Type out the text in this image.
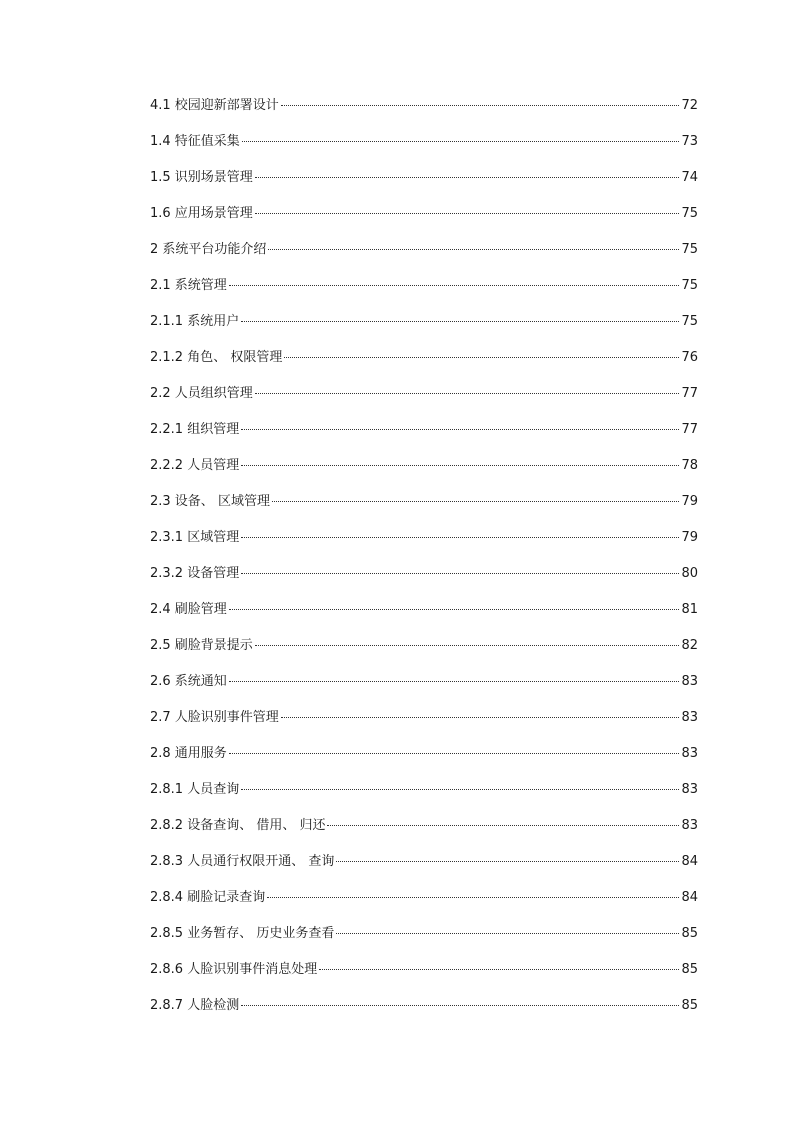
4.1 校园迎新部署设计	72
1.4 特征值采集	73
1.5 识别场景管理	74
1.6 应用场景管理	75
2 系统平台功能介绍	75
2.1 系统管理	75
2.1.1 系统用户	75
2.1.2 角色、 权限管理	76
2.2 人员组织管理	77
2.2.1 组织管理	77
2.2.2 人员管理	78
2.3 设备、 区域管理	79
2.3.1 区域管理	79
2.3.2 设备管理	80
2.4 刷脸管理	81
2.5 刷脸背景提示	82
2.6 系统通知	83
2.7 人脸识别事件管理	83
2.8 通用服务	83
2.8.1 人员查询	83
2.8.2 设备查询、 借用、 归还	83
2.8.3 人员通行权限开通、 查询	84
2.8.4 刷脸记录查询	84
2.8.5 业务暂存、 历史业务查看	85
2.8.6 人脸识别事件消息处理	85
2.8.7 人脸检测	85
